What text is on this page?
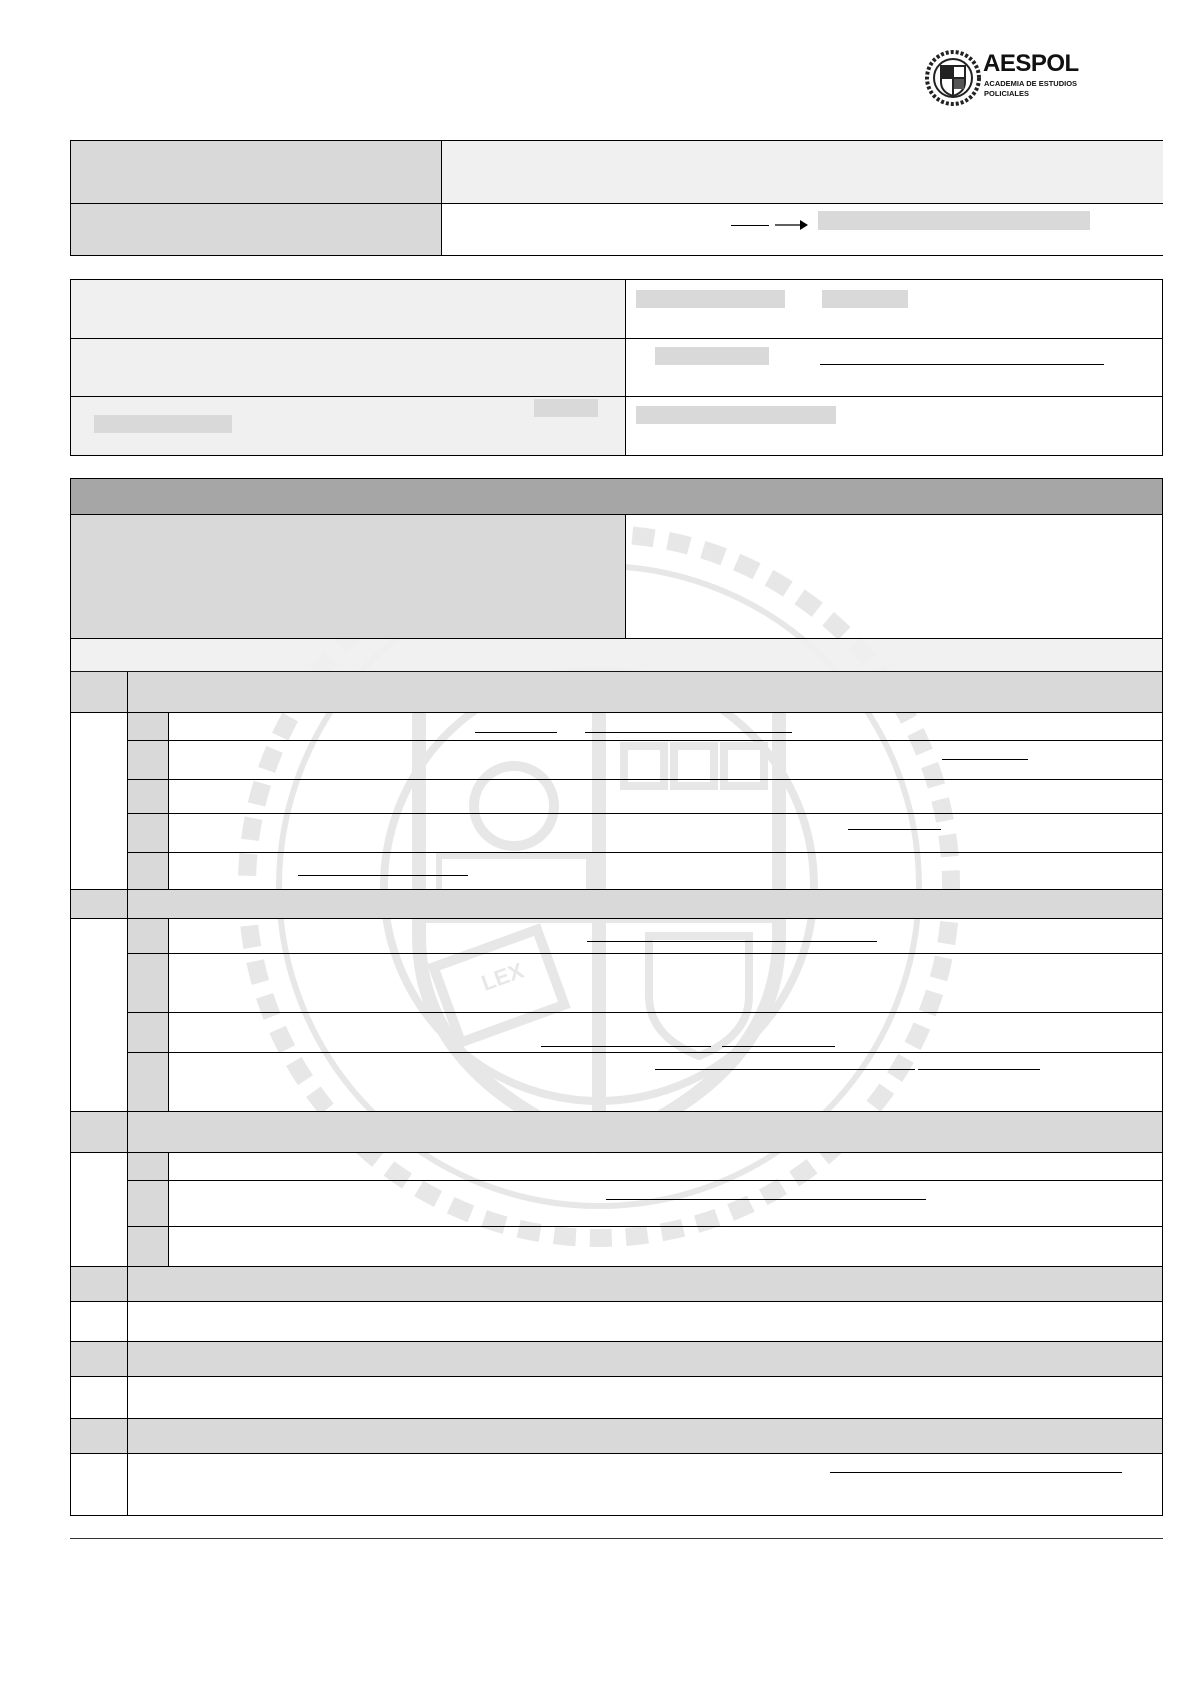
AESPOL
ACADEMIA DE ESTUDIOS
POLICIALES
LEX
